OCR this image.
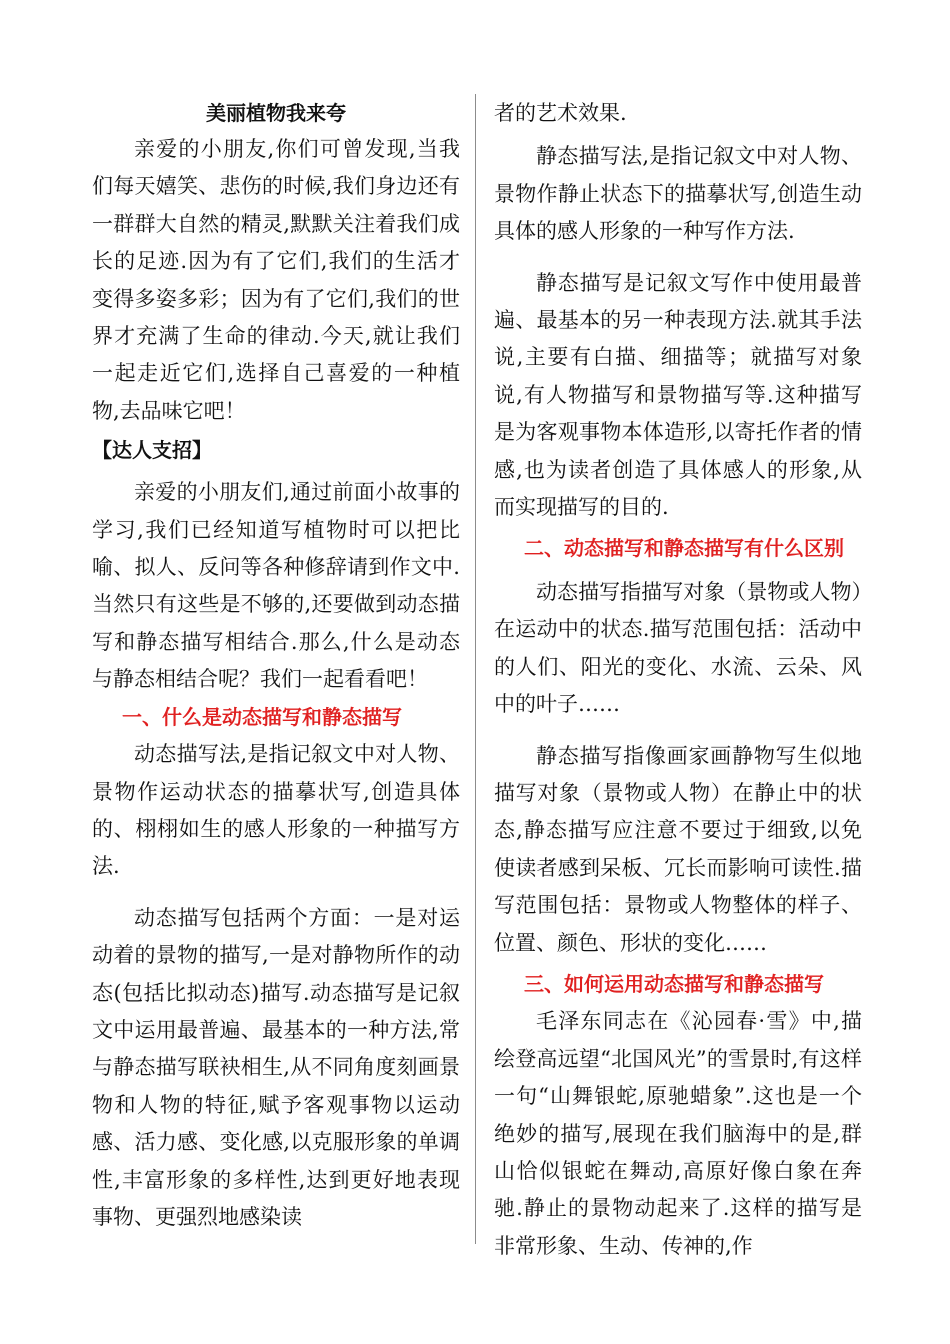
美丽植物我来夸

亲爱的小朋友,你们可曾发现,当我们每天嬉笑、悲伤的时候,我们身边还有一群群大自然的精灵,默默关注着我们成长的足迹.因为有了它们,我们的生活才变得多姿多彩；因为有了它们,我们的世界才充满了生命的律动.今天,就让我们一起走近它们,选择自己喜爱的一种植物,去品味它吧！

【达人支招】

亲爱的小朋友们,通过前面小故事的学习,我们已经知道写植物时可以把比喻、拟人、反问等各种修辞请到作文中.当然只有这些是不够的,还要做到动态描写和静态描写相结合.那么,什么是动态与静态相结合呢？我们一起看看吧！

一、什么是动态描写和静态描写

动态描写法,是指记叙文中对人物、景物作运动状态的描摹状写,创造具体的、栩栩如生的感人形象的一种描写方法.

动态描写包括两个方面：一是对运动着的景物的描写,一是对静物所作的动态(包括比拟动态)描写.动态描写是记叙文中运用最普遍、最基本的一种方法,常与静态描写联袂相生,从不同角度刻画景物和人物的特征,赋予客观事物以运动感、活力感、变化感,以克服形象的单调性,丰富形象的多样性,达到更好地表现事物、更强烈地感染读

者的艺术效果.

静态描写法,是指记叙文中对人物、景物作静止状态下的描摹状写,创造生动具体的感人形象的一种写作方法.

静态描写是记叙文写作中使用最普遍、最基本的另一种表现方法.就其手法说,主要有白描、细描等；就描写对象说,有人物描写和景物描写等.这种描写是为客观事物本体造形,以寄托作者的情感,也为读者创造了具体感人的形象,从而实现描写的目的.

二、动态描写和静态描写有什么区别

动态描写指描写对象（景物或人物）在运动中的状态.描写范围包括：活动中的人们、阳光的变化、水流、云朵、风中的叶子……

静态描写指像画家画静物写生似地描写对象（景物或人物）在静止中的状态,静态描写应注意不要过于细致,以免使读者感到呆板、冗长而影响可读性.描写范围包括：景物或人物整体的样子、位置、颜色、形状的变化……

三、如何运用动态描写和静态描写

毛泽东同志在《沁园春·雪》中,描绘登高远望“北国风光”的雪景时,有这样一句“山舞银蛇,原驰蜡象”.这也是一个绝妙的描写,展现在我们脑海中的是,群山恰似银蛇在舞动,高原好像白象在奔驰.静止的景物动起来了.这样的描写是非常形象、生动、传神的,作
